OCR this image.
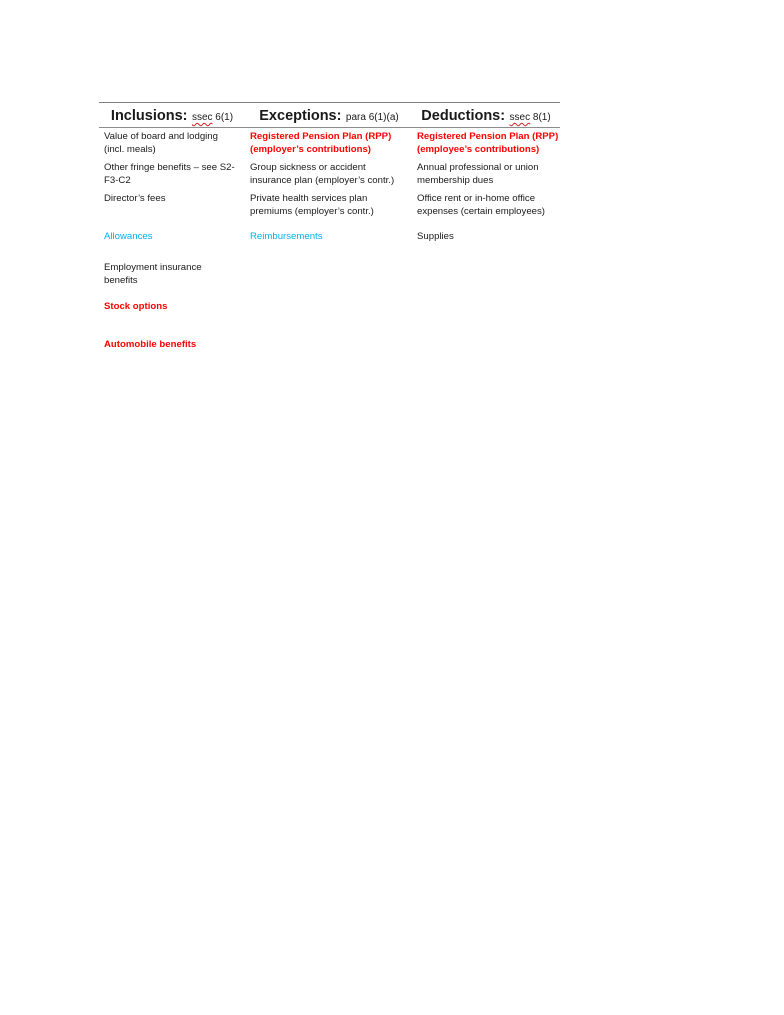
Inclusions: ssec 6(1)	Exceptions: para 6(1)(a)	Deductions: ssec 8(1)
Value of board and lodging
(incl. meals)
Other fringe benefits – see S2-
F3-C2
Director’s fees
Allowances
Employment insurance
benefits
Stock options
Automobile benefits
Registered Pension Plan (RPP)
(employer’s contributions)
Group sickness or accident
insurance plan (employer’s contr.)
Private health services plan
premiums (employer’s contr.)
Reimbursements
Registered Pension Plan (RPP)
(employee’s contributions)
Annual professional or union
membership dues
Office rent or in-home office
expenses (certain employees)
Supplies
